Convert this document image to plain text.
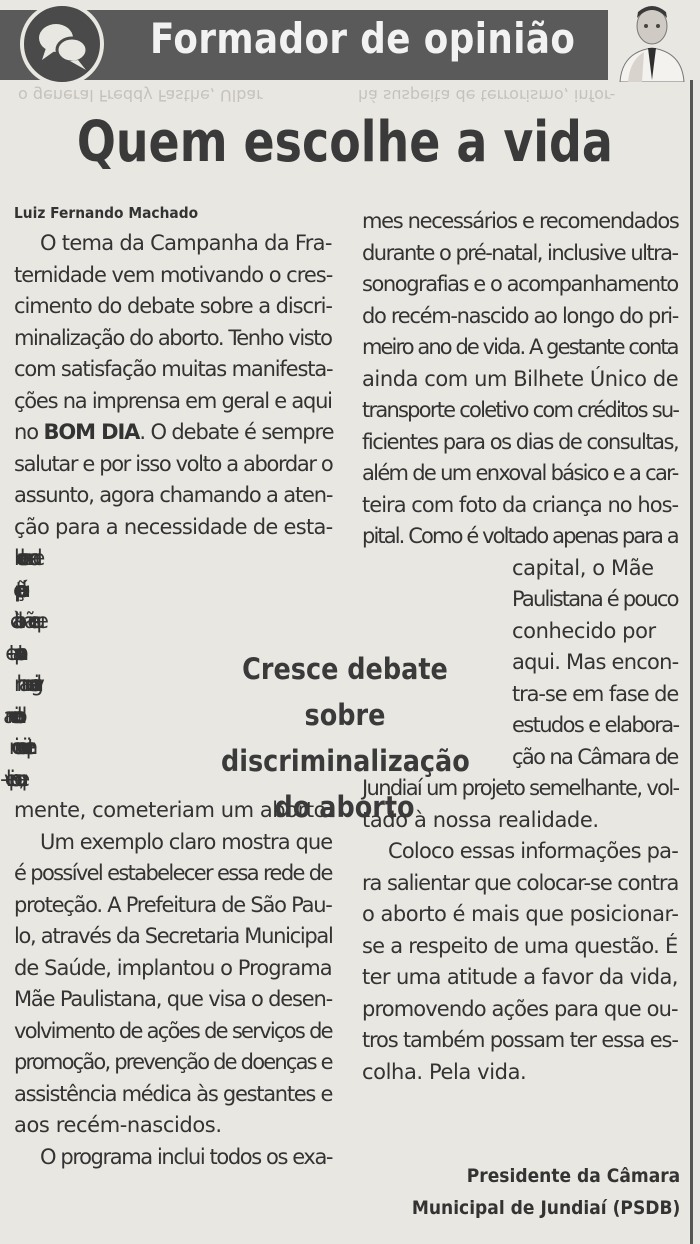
Formador de opinião
o general Freddy Fasthe, Ulbar	há suspeita de terrorismo, infor-
Quem escolhe a vida
Luiz Fernando Machado
O tema da Campanha da Fra-
ternidade vem motivando o cres-
cimento do debate sobre a discri-
minalização do aborto. Tenho visto
com satisfação muitas manifesta-
ções na imprensa em geral e aqui
no BOM DIA. O debate é sempre
salutar e por isso volto a abordar o
assunto, agora chamando a aten-
ção para a necessidade de esta-
belecer uma rede
de proteção pú-
blica às mães que
nham engravida-
inconseqüente e
mente, cometeriam um aborto.
Um exemplo claro mostra que
é possível estabelecer essa rede de
proteção. A Prefeitura de São Pau-
lo, através da Secretaria Municipal
de Saúde, implantou o Programa
Mãe Paulistana, que visa o desen-
volvimento de ações de serviços de
promoção, prevenção de doenças e
assistência médica às gestantes e
aos recém-nascidos.
O programa inclui todos os exa-
mes necessários e recomendados
durante o pré-natal, inclusive ultra-
sonografias e o acompanhamento
do recém-nascido ao longo do pri-
meiro ano de vida. A gestante conta
ainda com um Bilhete Único de
transporte coletivo com créditos su-
ficientes para os dias de consultas,
além de um enxoval básico e a car-
teira com foto da criança no hos-
pital. Como é voltado apenas para a
capital, o Mãe
Paulistana é pouco
conhecido por
aqui. Mas encon-
tra-se em fase de
estudos e elabora-
ção na Câmara de
Jundiaí um projeto semelhante, vol-
tado à nossa realidade.
Coloco essas informações pa-
ra salientar que colocar-se contra
o aborto é mais que posicionar-
se a respeito de uma questão. É
ter uma atitude a favor da vida,
promovendo ações para que ou-
tros também possam ter essa es-
colha. Pela vida.
Cresce debate sobre
discriminalização
do aborto
Presidente da Câmara
Municipal de Jundiaí (PSDB)
